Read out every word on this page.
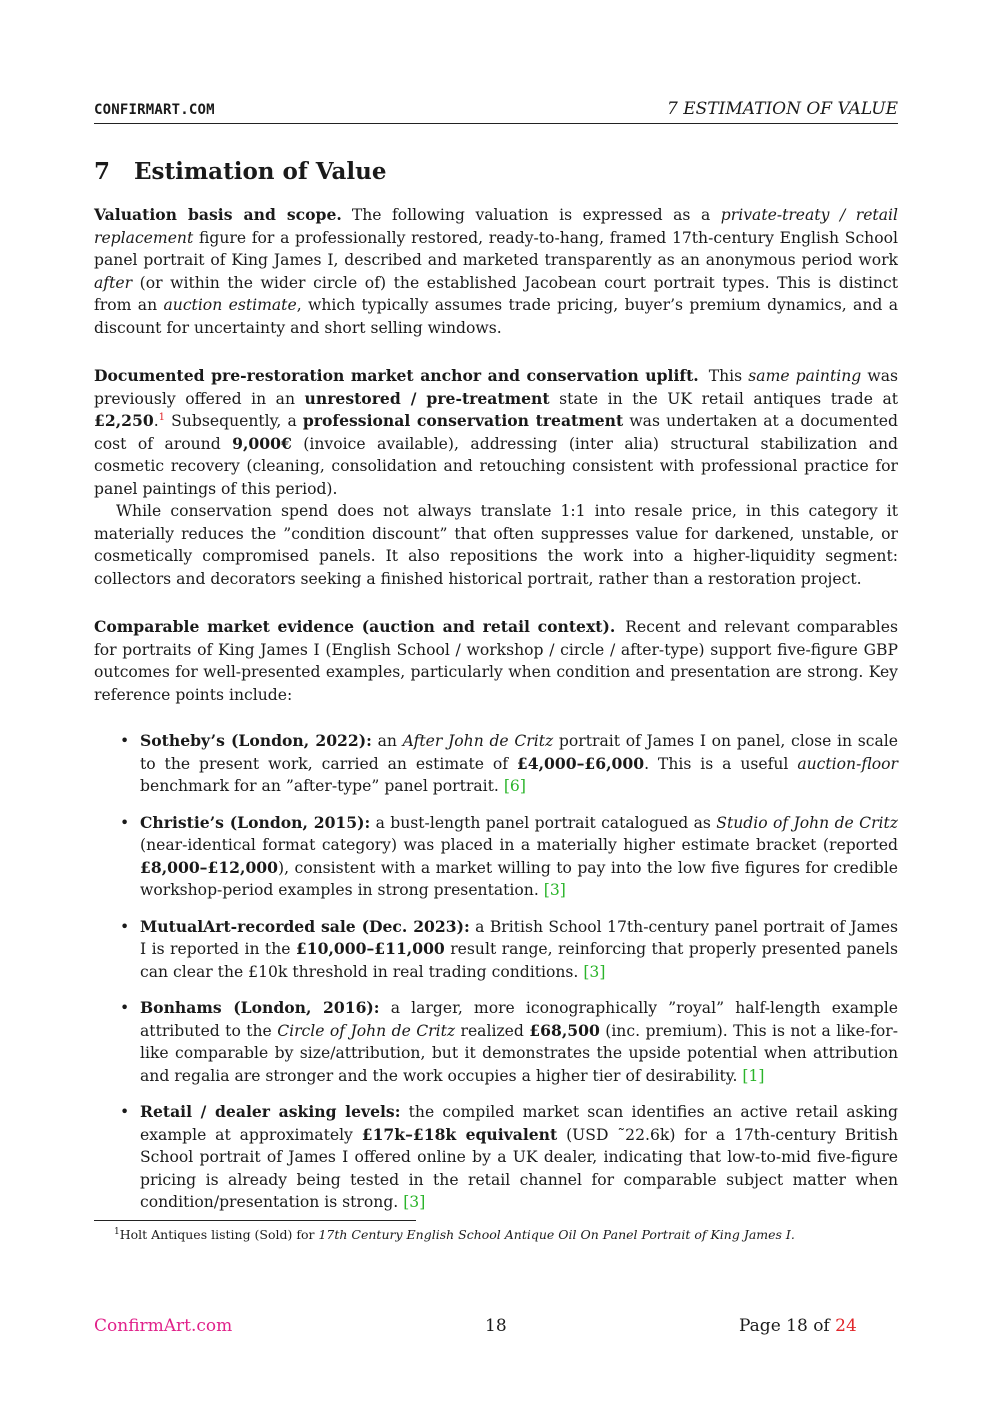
CONFIRMART.COM	7 ESTIMATION OF VALUE
7 Estimation of Value

Valuation basis and scope. The following valuation is expressed as a private-treaty / retail replacement figure for a professionally restored, ready-to-hang, framed 17th-century English School panel portrait of King James I, described and marketed transparently as an anonymous period work after (or within the wider circle of) the established Jacobean court portrait types. This is distinct from an auction estimate, which typically assumes trade pricing, buyer’s premium dynamics, and a discount for uncertainty and short selling windows.

Documented pre-restoration market anchor and conservation uplift. This same painting was previously offered in an unrestored / pre-treatment state in the UK retail antiques trade at £2,250.$^1$ Subsequently, a professional conservation treatment was undertaken at a documented cost of around 9,000€ (invoice available), addressing (inter alia) structural stabilization and cosmetic recovery (cleaning, consolidation and retouching consistent with professional practice for panel paintings of this period).

While conservation spend does not always translate 1:1 into resale price, in this category it materially reduces the ”condition discount” that often suppresses value for darkened, unstable, or cosmetically compromised panels. It also repositions the work into a higher-liquidity segment: collectors and decorators seeking a finished historical portrait, rather than a restoration project.

Comparable market evidence (auction and retail context). Recent and relevant comparables for portraits of King James I (English School / workshop / circle / after-type) support five-figure GBP outcomes for well-presented examples, particularly when condition and presentation are strong. Key reference points include:

• Sotheby’s (London, 2022): an After John de Critz portrait of James I on panel, close in scale to the present work, carried an estimate of £4,000–£6,000. This is a useful auction-floor benchmark for an ”after-type” panel portrait. [6]
• Christie’s (London, 2015): a bust-length panel portrait catalogued as Studio of John de Critz (near-identical format category) was placed in a materially higher estimate bracket (reported £8,000–£12,000), consistent with a market willing to pay into the low five figures for credible workshop-period examples in strong presentation. [3]
• MutualArt-recorded sale (Dec. 2023): a British School 17th-century panel portrait of James I is reported in the £10,000–£11,000 result range, reinforcing that properly presented panels can clear the £10k threshold in real trading conditions. [3]
• Bonhams (London, 2016): a larger, more iconographically ”royal” half-length example attributed to the Circle of John de Critz realized £68,500 (inc. premium). This is not a like-for-like comparable by size/attribution, but it demonstrates the upside potential when attribution and regalia are stronger and the work occupies a higher tier of desirability. [1]
• Retail / dealer asking levels: the compiled market scan identifies an active retail asking example at approximately £17k–£18k equivalent (USD ˜22.6k) for a 17th-century British School portrait of James I offered online by a UK dealer, indicating that low-to-mid five-figure pricing is already being tested in the retail channel for comparable subject matter when condition/presentation is strong. [3]
$^1$Holt Antiques listing (Sold) for 17th Century English School Antique Oil On Panel Portrait of King James I.
ConfirmArt.com	18	Page 18 of 24
